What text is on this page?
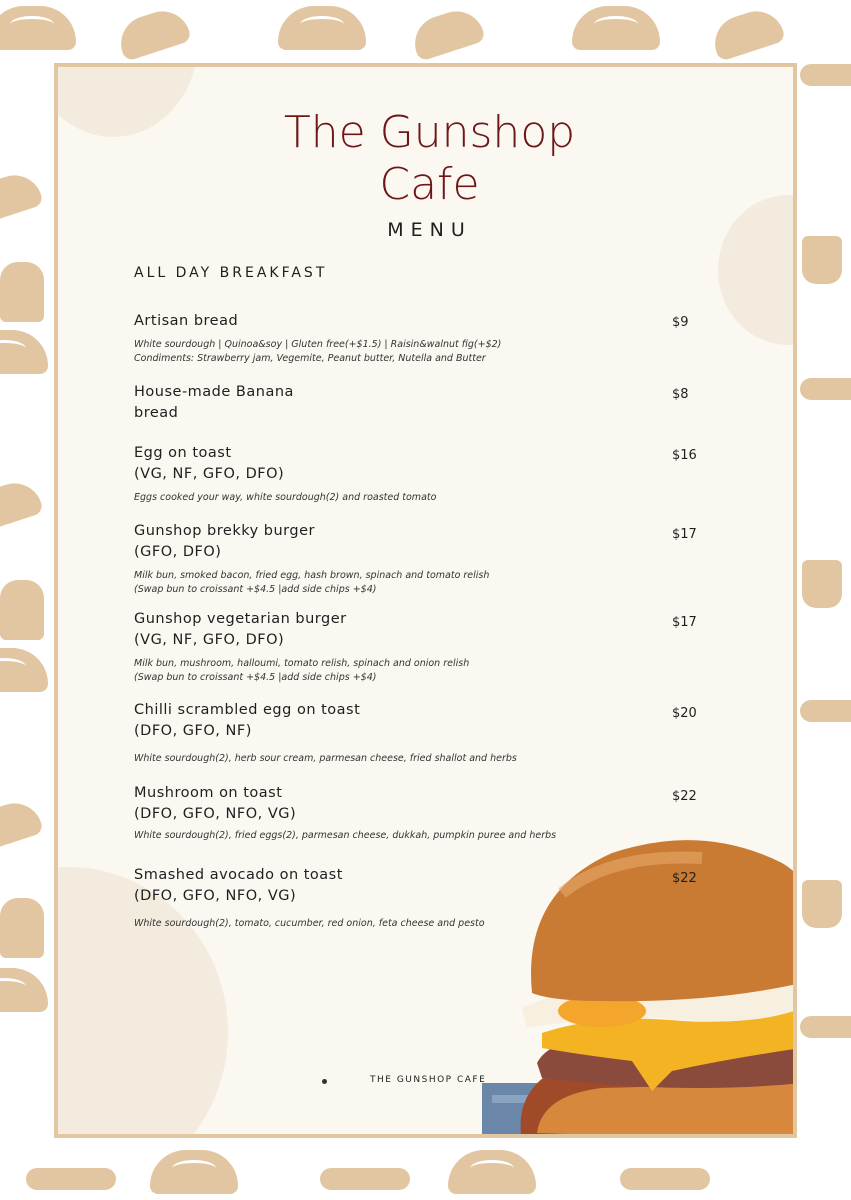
The Gunshop
Cafe

MENU

ALL DAY BREAKFAST

Artisan bread
White sourdough | Quinoa&soy | Gluten free(+$1.5) | Raisin&walnut fig(+$2)
Condiments: Strawberry jam, Vegemite, Peanut butter, Nutella and Butter
$9
House-made Banana
bread
$8
Egg on toast
(VG, NF, GFO, DFO)
Eggs cooked your way, white sourdough(2) and roasted tomato
$16
Gunshop brekky burger
(GFO, DFO)
Milk bun, smoked bacon, fried egg, hash brown, spinach and tomato relish
(Swap bun to croissant +$4.5 |add side chips +$4)
$17
Gunshop vegetarian burger
(VG, NF, GFO, DFO)
Milk bun, mushroom, halloumi, tomato relish, spinach and onion relish
(Swap bun to croissant +$4.5 |add side chips +$4)
$17
Chilli scrambled egg on toast
(DFO, GFO, NF)
White sourdough(2), herb sour cream, parmesan cheese, fried shallot and herbs
$20
Mushroom on toast
(DFO, GFO, NFO, VG)
White sourdough(2), fried eggs(2), parmesan cheese, dukkah, pumpkin puree and herbs
$22
Smashed avocado on toast
(DFO, GFO, NFO, VG)
White sourdough(2), tomato, cucumber, red onion, feta cheese and pesto
$22
THE GUNSHOP CAFE
